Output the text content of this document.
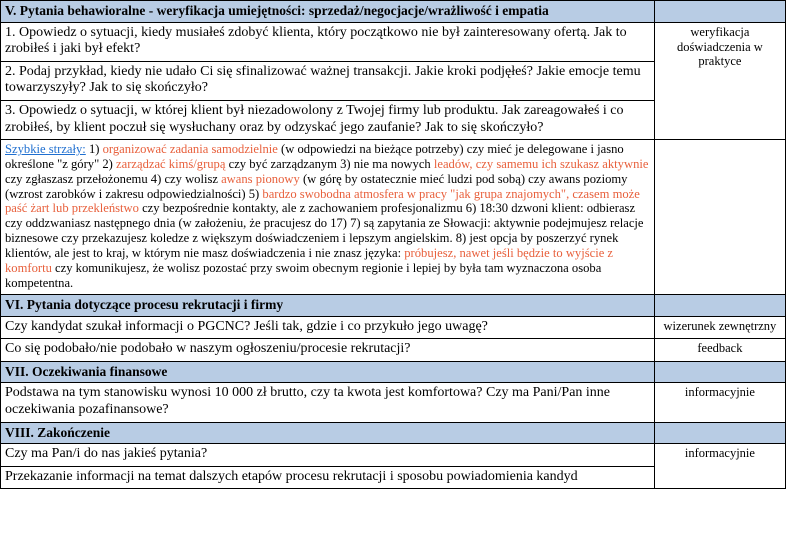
V. Pytania behawioralne - weryfikacja umiejętności: sprzedaż/negocjacje/wrażliwość i empatia	
1. Opowiedz o sytuacji, kiedy musiałeś zdobyć klienta, który początkowo nie był zainteresowany ofertą. Jak to zrobiłeś i jaki był efekt?	weryfikacja doświadczenia w praktyce
2. Podaj przykład, kiedy nie udało Ci się sfinalizować ważnej transakcji. Jakie kroki podjęłeś? Jakie emocje temu towarzyszyły? Jak to się skończyło?	
3. Opowiedz o sytuacji, w której klient był niezadowolony z Twojej firmy lub produktu. Jak zareagowałeś i co zrobiłeś, by klient poczuł się wysłuchany oraz by odzyskać jego zaufanie? Jak to się skończyło?	
Szybkie strzały: 1) organizować zadania samodzielnie (w odpowiedzi na bieżące potrzeby) czy mieć je delegowane i jasno określone "z góry" 2) zarządzać kimś/grupą czy być zarządzanym 3) nie ma nowych leadów, czy samemu ich szukasz aktywnie czy zgłaszasz przełożonemu 4) czy wolisz awans pionowy (w górę by ostatecznie mieć ludzi pod sobą) czy awans poziomy (wzrost zarobków i zakresu odpowiedzialności) 5) bardzo swobodna atmosfera w pracy "jak grupa znajomych", czasem może paść żart lub przekleństwo czy bezpośrednie kontakty, ale z zachowaniem profesjonalizmu 6) 18:30 dzwoni klient: odbierasz czy oddzwaniasz następnego dnia (w założeniu, że pracujesz do 17) 7) są zapytania ze Słowacji: aktywnie podejmujesz relacje biznesowe czy przekazujesz koledze z większym doświadczeniem i lepszym angielskim. 8) jest opcja by poszerzyć rynek klientów, ale jest to kraj, w którym nie masz doświadczenia i nie znasz języka: próbujesz, nawet jeśli będzie to wyjście z komfortu czy komunikujesz, że wolisz pozostać przy swoim obecnym regionie i lepiej by była tam wyznaczona osoba kompetentna.	
VI. Pytania dotyczące procesu rekrutacji i firmy	
Czy kandydat szukał informacji o PGCNC? Jeśli tak, gdzie i co przykuło jego uwagę?	wizerunek zewnętrzny
Co się podobało/nie podobało w naszym ogłoszeniu/procesie rekrutacji?	feedback
VII. Oczekiwania finansowe	
Podstawa na tym stanowisku wynosi 10 000 zł brutto, czy ta kwota jest komfortowa? Czy ma Pani/Pan inne oczekiwania pozafinansowe?	informacyjnie
VIII. Zakończenie	
Czy ma Pan/i do nas jakieś pytania?	informacyjnie
Przekazanie informacji na temat dalszych etapów procesu rekrutacji i sposobu powiadomienia kandyd	
